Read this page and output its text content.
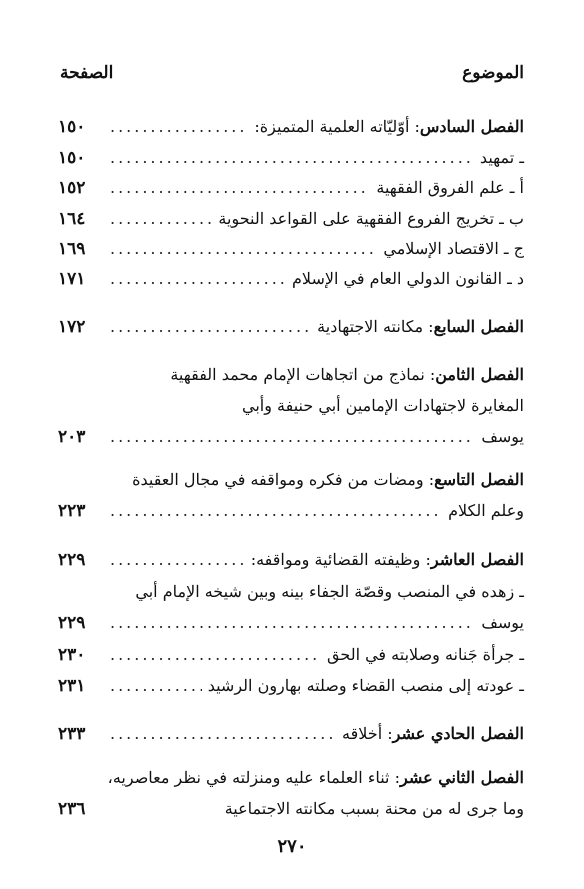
الموضوع
الصفحة
الفصل السادس: أوّليّاته العلمية المتميزة:
.....
١٥٠
ـ تمهيد
.....
١٥٠
أ ـ علم الفروق الفقهية
.....
١٥٢
ب ـ تخريج الفروع الفقهية على القواعد النحوية
.....
١٦٤
ج ـ الاقتصاد الإسلامي
.....
١٦٩
د ـ القانون الدولي العام في الإسلام
.....
١٧١
الفصل السابع: مكانته الاجتهادية
.....
١٧٢
الفصل الثامن: نماذج من اتجاهات الإمام محمد الفقهية
المغايرة لاجتهادات الإمامين أبي حنيفة وأبي
يوسف
.....
٢٠٣
الفصل التاسع: ومضات من فكره ومواقفه في مجال العقيدة
وعلم الكلام
.....
٢٢٣
الفصل العاشر: وظيفته القضائية ومواقفه:
.....
٢٢٩
ـ زهده في المنصب وقصّة الجفاء بينه وبين شيخه الإمام أبي
يوسف
.....
٢٢٩
ـ جرأة جَنانه وصلابته في الحق
.....
٢٣٠
ـ عودته إلى منصب القضاء وصلته بهارون الرشيد
.....
٢٣١
الفصل الحادي عشر: أخلاقه
.....
٢٣٣
الفصل الثاني عشر: ثناء العلماء عليه ومنزلته في نظر معاصريه،
وما جرى له من محنة بسبب مكانته الاجتماعية
٢٣٦
٢٧٠
